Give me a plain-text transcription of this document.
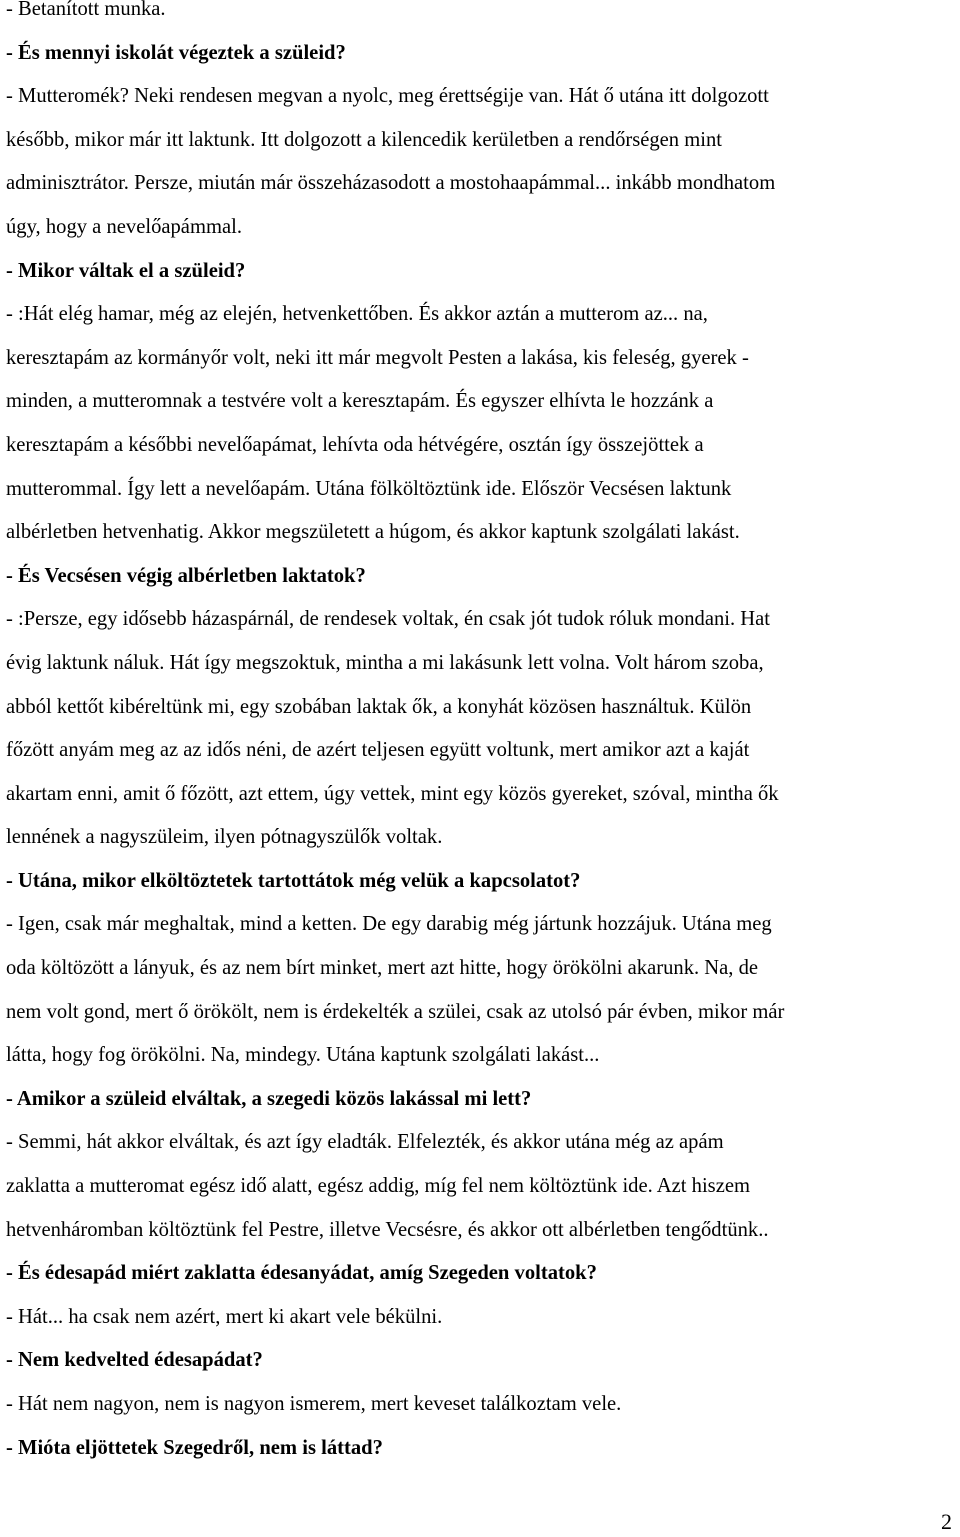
- Betanított munka.

- És mennyi iskolát végeztek a szüleid?

- Mutteromék? Neki rendesen megvan a nyolc, meg érettségije van. Hát ő utána itt dolgozott

később, mikor már itt laktunk. Itt dolgozott a kilencedik kerületben a rendőrségen mint

adminisztrátor. Persze, miután már összeházasodott a mostohaapámmal... inkább mondhatom

úgy, hogy a nevelőapámmal.

- Mikor váltak el a szüleid?

- :Hát elég hamar, még az elején, hetvenkettőben. És akkor aztán a mutterom az... na,

keresztapám az kormányőr volt, neki itt már megvolt Pesten a lakása, kis feleség, gyerek -

minden, a mutteromnak a testvére volt a keresztapám. És egyszer elhívta le hozzánk a

keresztapám a későbbi nevelőapámat, lehívta oda hétvégére, osztán így összejöttek a

mutterommal. Így lett a nevelőapám. Utána fölköltöztünk ide. Először Vecsésen laktunk

albérletben hetvenhatig. Akkor megszületett a húgom, és akkor kaptunk szolgálati lakást.

- És Vecsésen végig albérletben laktatok?

- :Persze, egy idősebb házaspárnál, de rendesek voltak, én csak jót tudok róluk mondani. Hat

évig laktunk náluk. Hát így megszoktuk, mintha a mi lakásunk lett volna. Volt három szoba,

abból kettőt kibéreltünk mi, egy szobában laktak ők, a konyhát közösen használtuk. Külön

főzött anyám meg az az idős néni, de azért teljesen együtt voltunk, mert amikor azt a kaját

akartam enni, amit ő főzött, azt ettem, úgy vettek, mint egy közös gyereket, szóval, mintha ők

lennének a nagyszüleim, ilyen pótnagyszülők voltak.

- Utána, mikor elköltöztetek tartottátok még velük a kapcsolatot?

- Igen, csak már meghaltak, mind a ketten. De egy darabig még jártunk hozzájuk. Utána meg

oda költözött a lányuk, és az nem bírt minket, mert azt hitte, hogy örökölni akarunk. Na, de

nem volt gond, mert ő örökölt, nem is érdekelték a szülei, csak az utolsó pár évben, mikor már

látta, hogy fog örökölni. Na, mindegy. Utána kaptunk szolgálati lakást...

- Amikor a szüleid elváltak, a szegedi közös lakással mi lett?

- Semmi, hát akkor elváltak, és azt így eladták. Elfelezték, és akkor utána még az apám

zaklatta a mutteromat egész idő alatt, egész addig, míg fel nem költöztünk ide. Azt hiszem

hetvenháromban költöztünk fel Pestre, illetve Vecsésre, és akkor ott albérletben tengődtünk..

- És édesapád miért zaklatta édesanyádat, amíg Szegeden voltatok?

- Hát... ha csak nem azért, mert ki akart vele békülni.

- Nem kedvelted édesapádat?

- Hát nem nagyon, nem is nagyon ismerem, mert keveset találkoztam vele.

- Mióta eljöttetek Szegedről, nem is láttad?

2
